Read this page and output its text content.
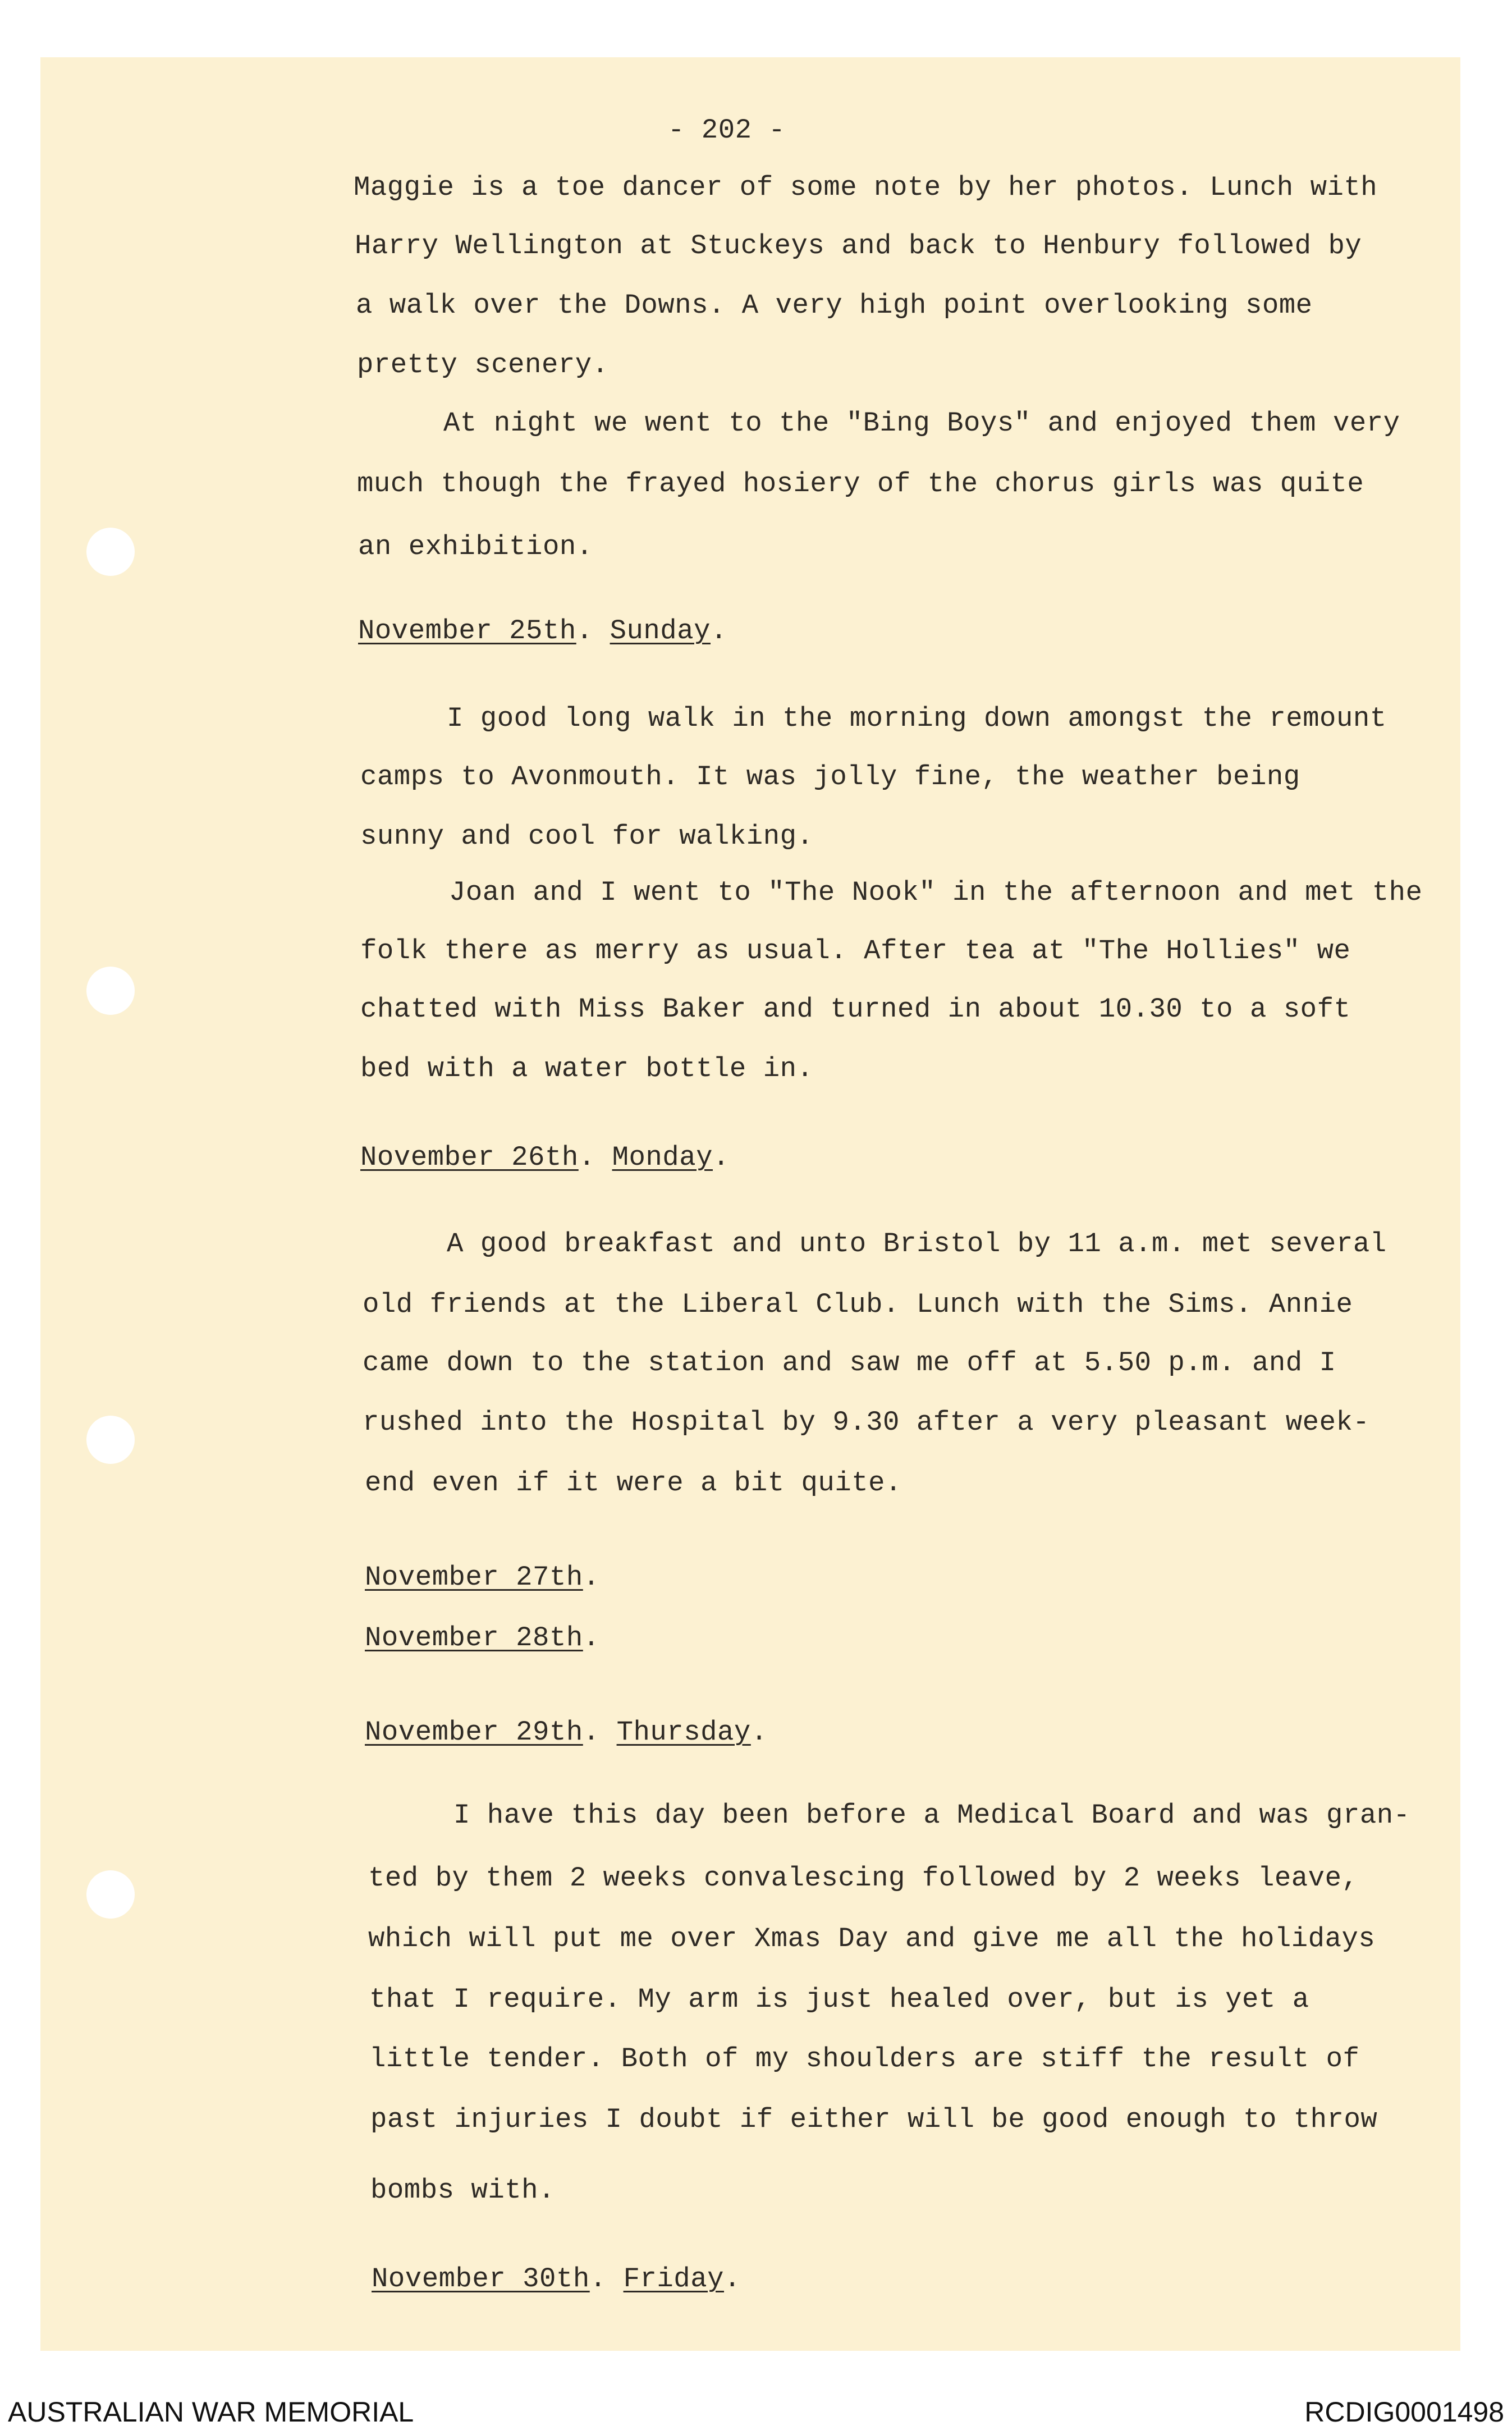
- 202 -

Maggie is a toe dancer of some note by her photos. Lunch with

Harry Wellington at Stuckeys and back to Henbury followed by

a walk over the Downs. A very high point overlooking some

pretty scenery.

At night we went to the "Bing Boys" and enjoyed them very

much though the frayed hosiery of the chorus girls was quite

an exhibition.

November 25th. Sunday.

I good long walk in the morning down amongst the remount

camps to Avonmouth. It was jolly fine, the weather being

sunny and cool for walking.

Joan and I went to "The Nook" in the afternoon and met the

folk there as merry as usual. After tea at "The Hollies" we

chatted with Miss Baker and turned in about 10.30 to a soft

bed with a water bottle in.

November 26th. Monday.

A good breakfast and unto Bristol by 11 a.m. met several

old friends at the Liberal Club. Lunch with the Sims. Annie

came down to the station and saw me off at 5.50 p.m. and I

rushed into the Hospital by 9.30 after a very pleasant week-

end even if it were a bit quite.

November 27th.

November 28th.

November 29th. Thursday.

I have this day been before a Medical Board and was gran-

ted by them 2 weeks convalescing followed by 2 weeks leave,

which will put me over Xmas Day and give me all the holidays

that I require. My arm is just healed over, but is yet a

little tender. Both of my shoulders are stiff the result of

past injuries I doubt if either will be good enough to throw

bombs with.

November 30th. Friday.

AUSTRALIAN WAR MEMORIAL	RCDIG0001498
